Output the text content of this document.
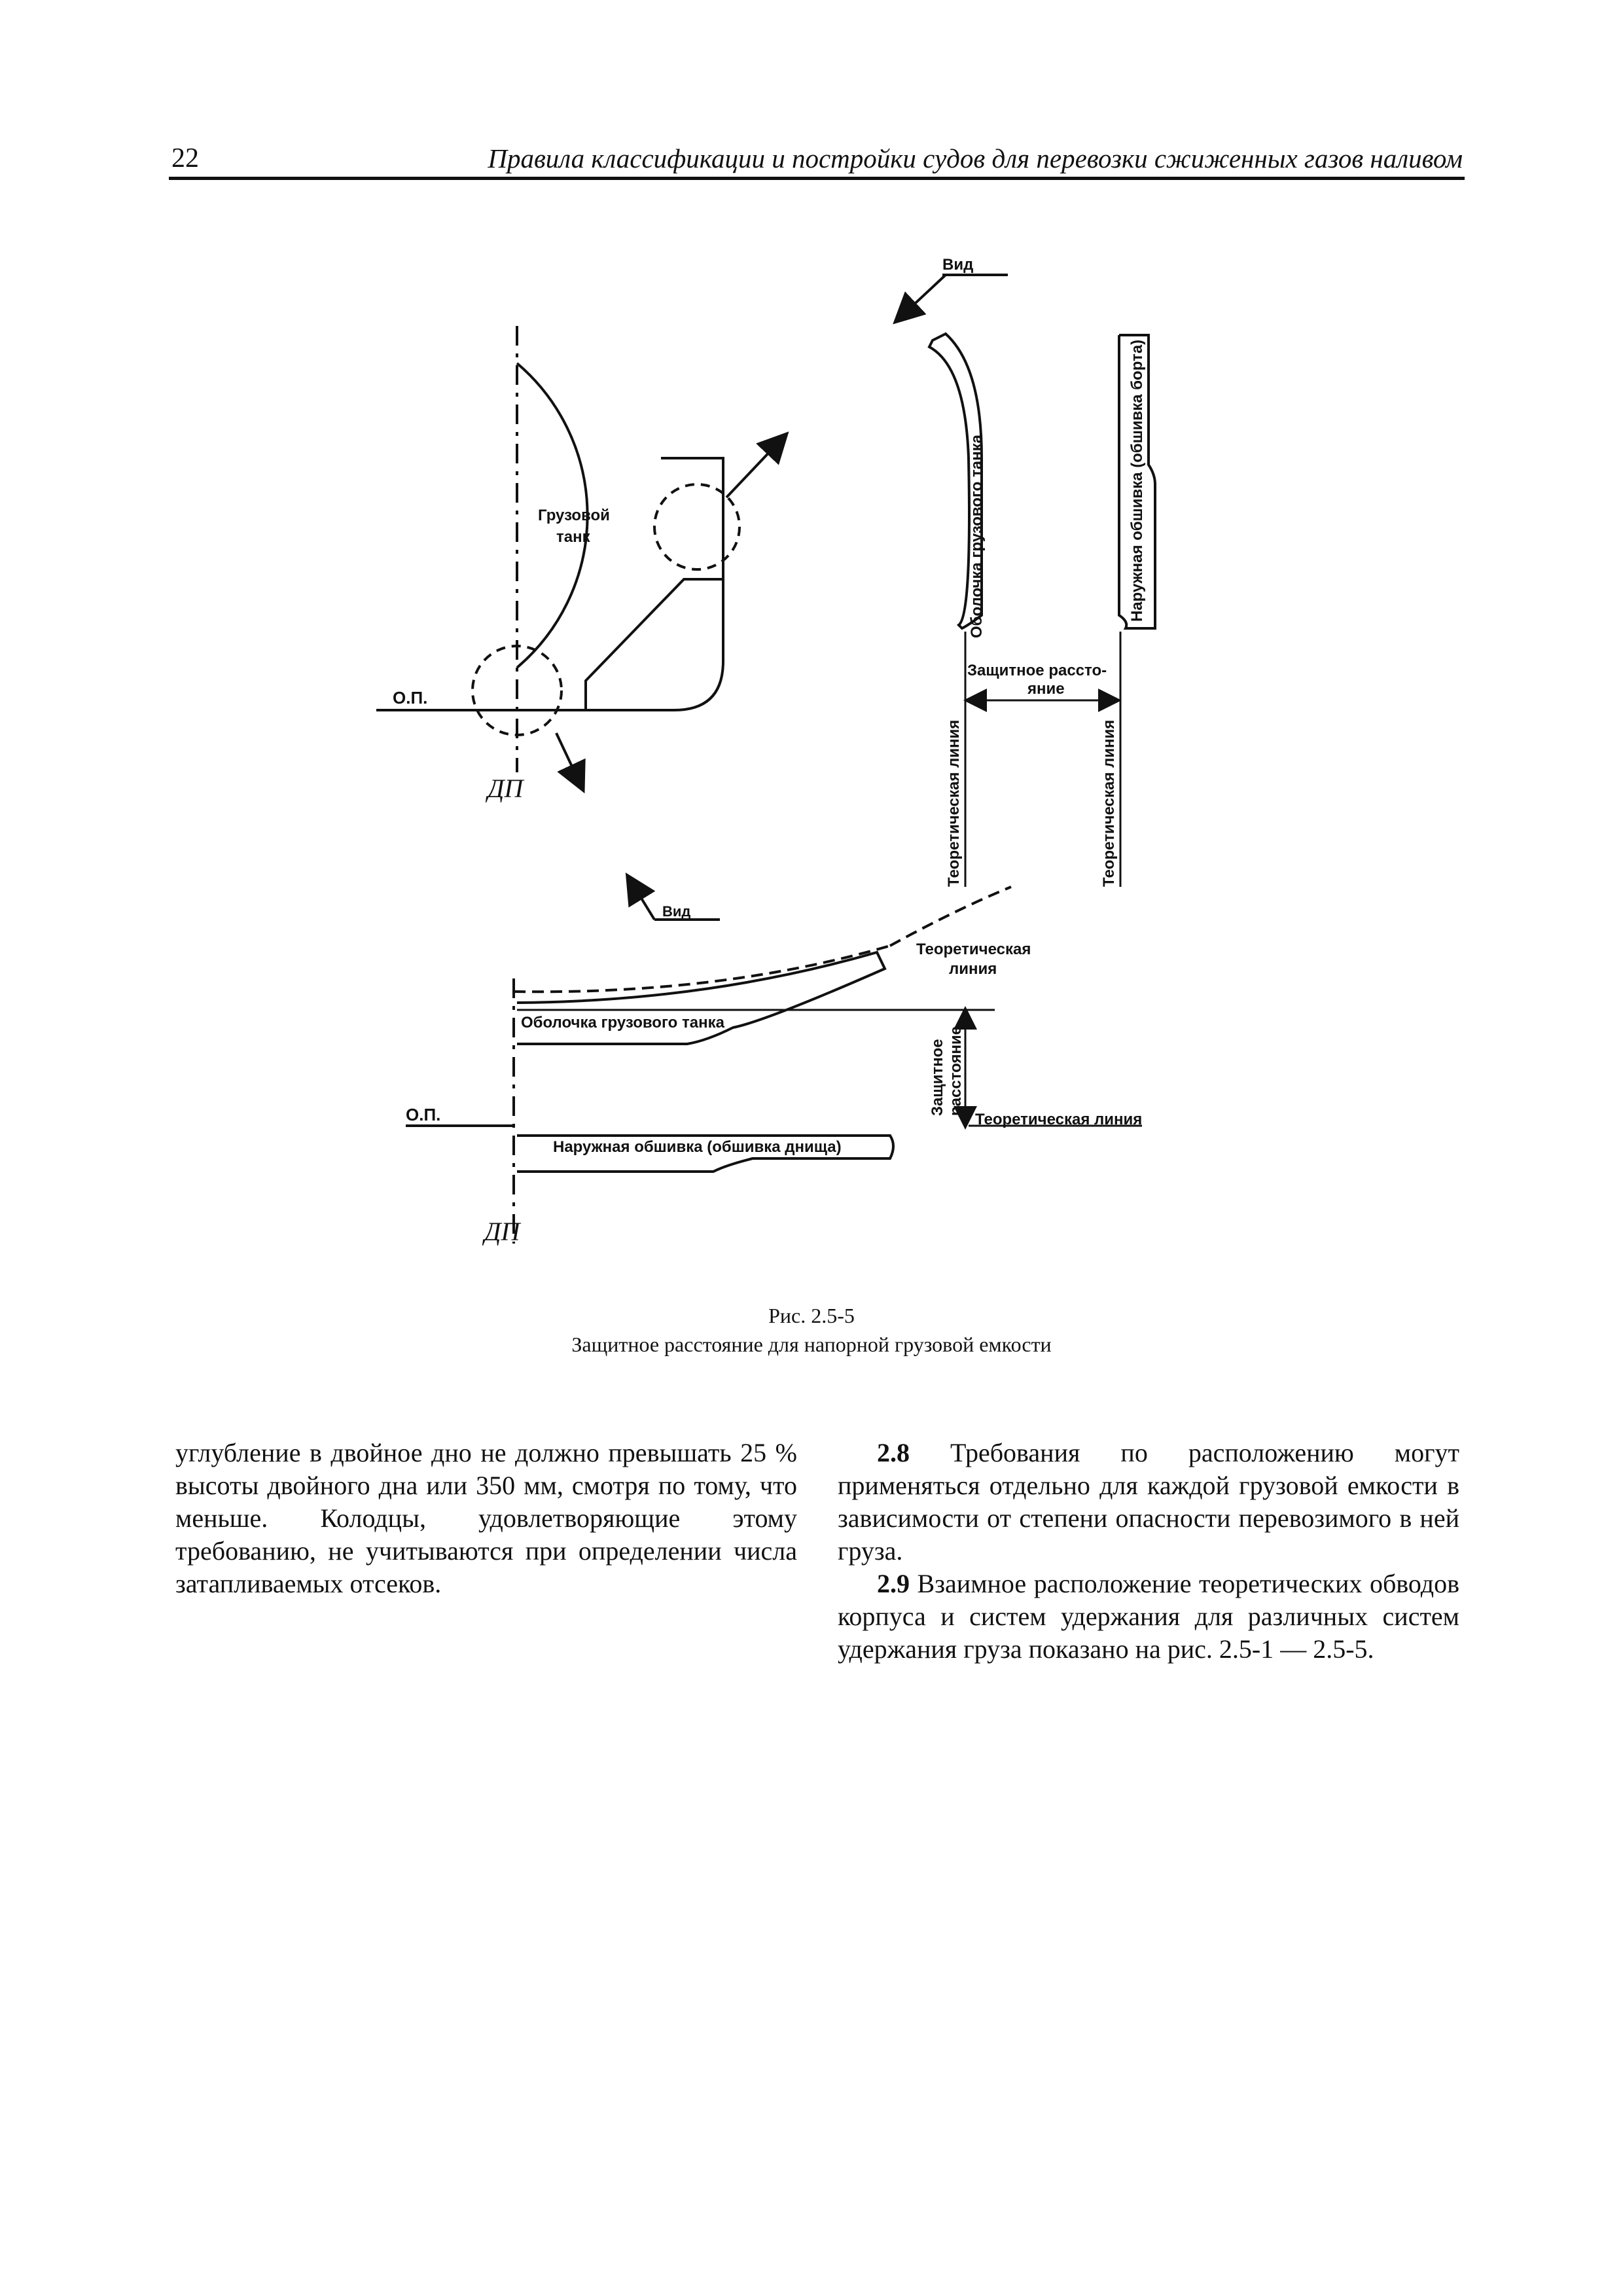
22	Правила классификации и постройки судов для перевозки сжиженных газов наливом
Вид
Грузовой
танк
О.П.
ДП
Оболочка грузового танка	Наружная обшивка (обшивка борта)
Защитное рассто-
яние
Теоретическая линия	Теоретическая линия
Вид
Теоретическая
линия
Оболочка грузового танка
Защитное расстояние
Теоретическая линия
О.П.
Наружная обшивка (обшивка днища)
ДП
Рис. 2.5-5
Защитное расстояние для напорной грузовой емкости

углубление в двойное дно не должно превышать 25 % высоты двойного дна или 350 мм, смотря по тому, что меньше. Колодцы, удовлетворяющие этому требованию, не учитываются при определении числа затапливаемых отсеков.

2.8 Требования по расположению могут применяться отдельно для каждой грузовой емкости в зависимости от степени опасности перевозимого в ней груза.

2.9 Взаимное расположение теоретических обводов корпуса и систем удержания для различных систем удержания груза показано на рис. 2.5-1 — 2.5-5.
